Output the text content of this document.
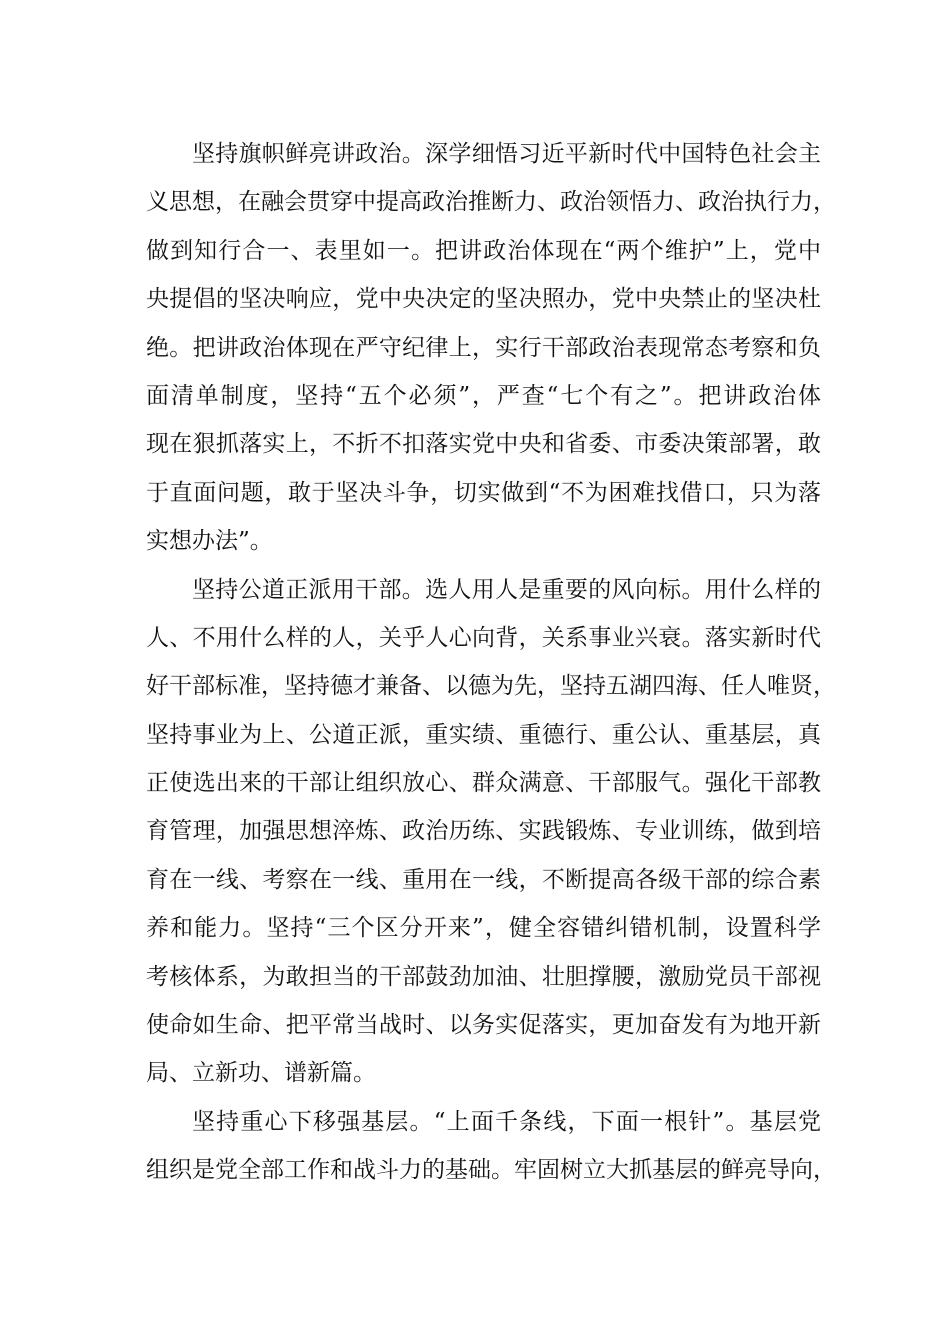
坚持旗帜鲜亮讲政治。深学细悟习近平新时代中国特色社会主
义思想，在融会贯穿中提高政治推断力、政治领悟力、政治执行力，
做到知行合一、表里如一。把讲政治体现在“两个维护”上，党中
央提倡的坚决响应，党中央决定的坚决照办，党中央禁止的坚决杜
绝。把讲政治体现在严守纪律上，实行干部政治表现常态考察和负
面清单制度，坚持“五个必须”，严查“七个有之”。把讲政治体
现在狠抓落实上，不折不扣落实党中央和省委、市委决策部署，敢
于直面问题，敢于坚决斗争，切实做到“不为困难找借口，只为落
实想办法”。
坚持公道正派用干部。选人用人是重要的风向标。用什么样的
人、不用什么样的人，关乎人心向背，关系事业兴衰。落实新时代
好干部标准，坚持德才兼备、以德为先，坚持五湖四海、任人唯贤，
坚持事业为上、公道正派，重实绩、重德行、重公认、重基层，真
正使选出来的干部让组织放心、群众满意、干部服气。强化干部教
育管理，加强思想淬炼、政治历练、实践锻炼、专业训练，做到培
育在一线、考察在一线、重用在一线，不断提高各级干部的综合素
养和能力。坚持“三个区分开来”，健全容错纠错机制，设置科学
考核体系，为敢担当的干部鼓劲加油、壮胆撑腰，激励党员干部视
使命如生命、把平常当战时、以务实促落实，更加奋发有为地开新
局、立新功、谱新篇。
坚持重心下移强基层。“上面千条线，下面一根针”。基层党
组织是党全部工作和战斗力的基础。牢固树立大抓基层的鲜亮导向，
